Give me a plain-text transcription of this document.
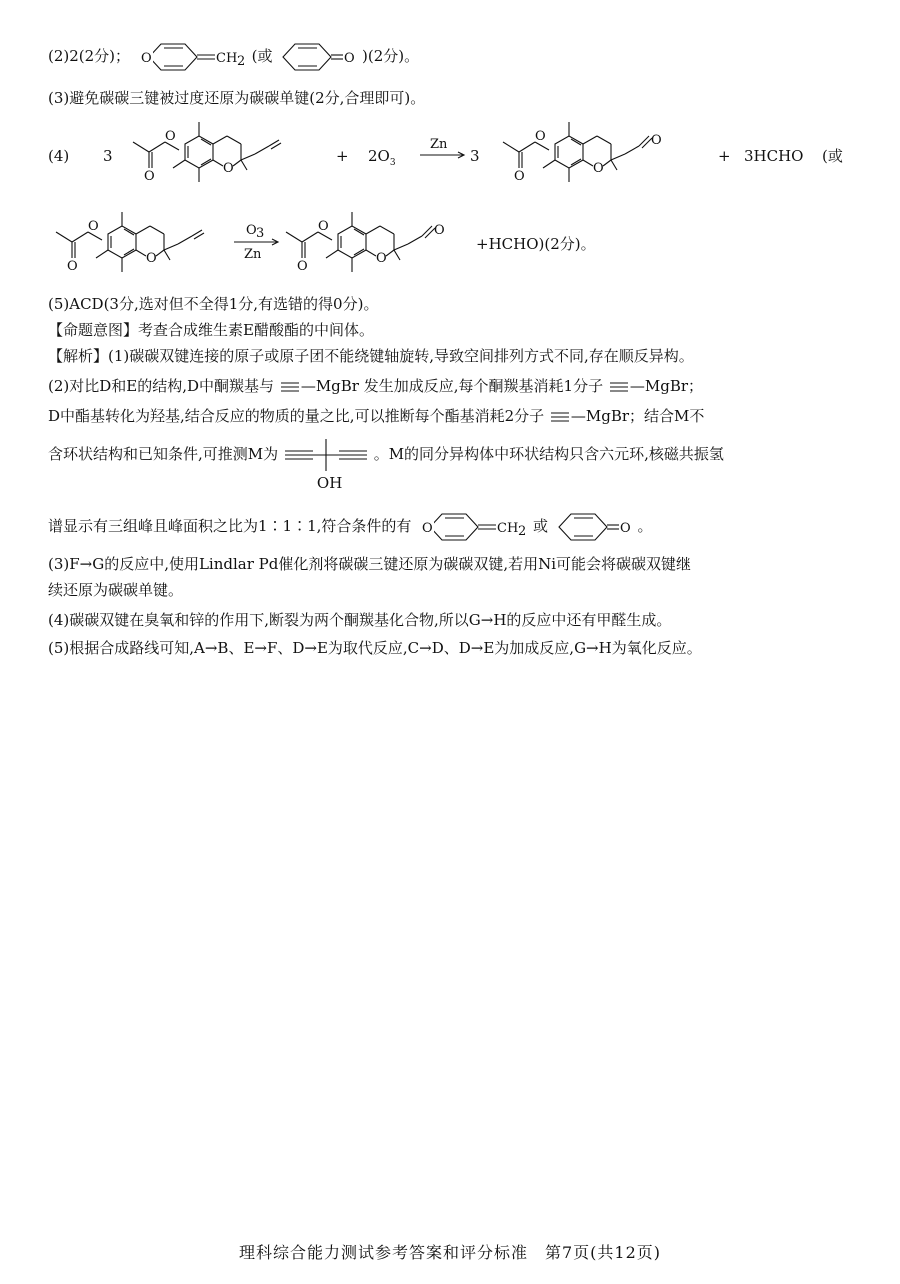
(2)2(2分)； O	CH 2 (或	O )(2分)。
(3)避免碳碳三键被过度还原为碳碳单键(2分,合理即可)。
(4) 3
O
O
O
+ $2O_3$
Zn
3
O
O
O
O
+ 3HCHO (或
O
O
O
O 3
Zn
O
O
O
O
+HCHO)(2分)。
(5)ACD(3分,选对但不全得1分,有选错的得0分)。
【命题意图】考查合成维生素E醋酸酯的中间体。
【解析】(1)碳碳双键连接的原子或原子团不能绕键轴旋转,导致空间排列方式不同,存在顺反异构。
(2)对比D和E的结构,D中酮羰基与 —MgBr 发生加成反应,每个酮羰基消耗1分子 —MgBr；
D中酯基转化为羟基,结合反应的物质的量之比,可以推断每个酯基消耗2分子 —MgBr；结合M不
含环状结构和已知条件,可推测M为
OH
。M的同分异构体中环状结构只含六元环,核磁共振氢
谱显示有三组峰且峰面积之比为1∶1∶1,符合条件的有 O	CH 2 或	O 。
(3)F→G的反应中,使用Lindlar Pd催化剂将碳碳三键还原为碳碳双键,若用Ni可能会将碳碳双键继
续还原为碳碳单键。
(4)碳碳双键在臭氧和锌的作用下,断裂为两个酮羰基化合物,所以G→H的反应中还有甲醛生成。
(5)根据合成路线可知,A→B、E→F、D→E为取代反应,C→D、D→E为加成反应,G→H为氧化反应。
理科综合能力测试参考答案和评分标准　第7页(共12页)
